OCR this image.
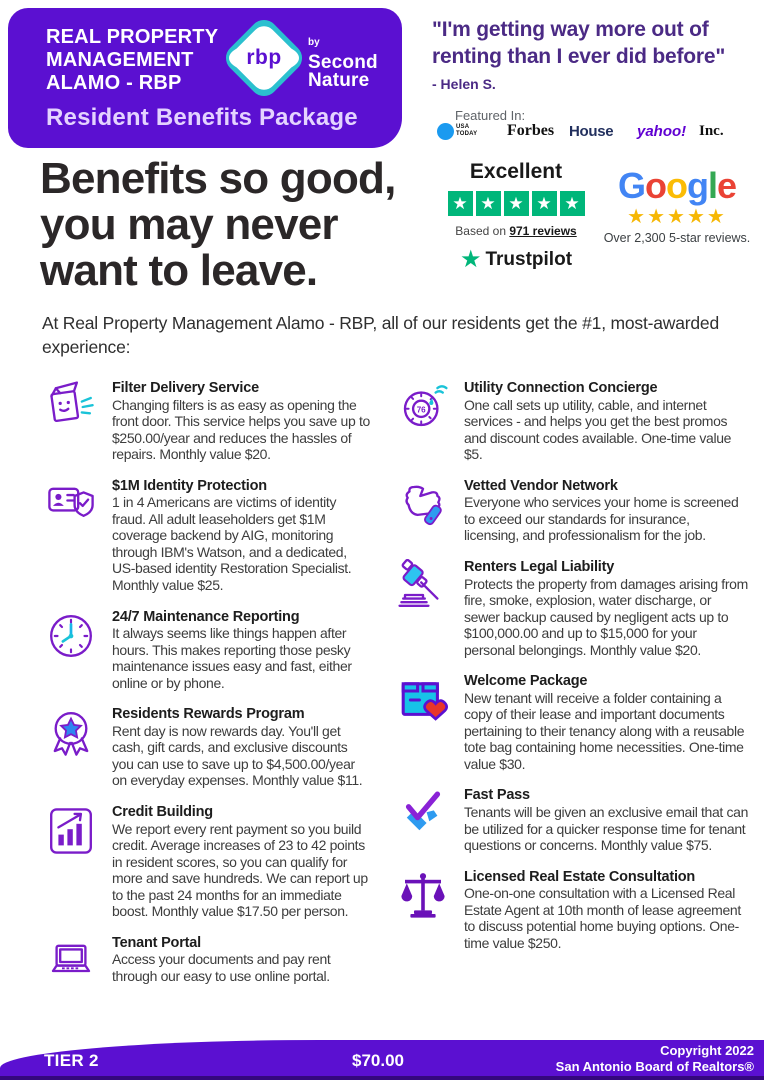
REAL PROPERTY MANAGEMENT ALAMO - RBP
rbp
$^{by}$
Second
Nature
Resident Benefits Package
"I'm getting way more out of renting than I ever did before"
- Helen S.
Featured In:
USA
TODAY Forbes House	yahoo! Inc.
Excellent
★ ★ ★ ★ ★
Based on 971 reviews
★ Trustpilot
Google
★★★★★
Over 2,300 5-star reviews.
Benefits so good, you may never want to leave.
At Real Property Management Alamo - RBP, all of our residents get the #1, most-awarded experience:
Filter Delivery Service
Changing filters is as easy as opening the front door. This service helps you save up to $250.00/year and reduces the hassles of repairs. Monthly value $20.
$1M Identity Protection
1 in 4 Americans are victims of identity fraud. All adult leaseholders get $1M coverage backend by AIG, monitoring through IBM's Watson, and a dedicated, US-based identity Restoration Specialist. Monthly value $25.
24/7 Maintenance Reporting
It always seems like things happen after hours. This makes reporting those pesky maintenance issues easy and fast, either online or by phone.
Residents Rewards Program
Rent day is now rewards day. You'll get cash, gift cards, and exclusive discounts you can use to save up to $4,500.00/year on everyday expenses. Monthly value $11.
Credit Building
We report every rent payment so you build credit. Average increases of 23 to 42 points in resident scores, so you can qualify for more and save hundreds. We can report up to the past 24 months for an immediate boost. Monthly value $17.50 per person.
Tenant Portal
Access your documents and pay rent through our easy to use online portal.
76
Utility Connection Concierge
One call sets up utility, cable, and internet services - and helps you get the best promos and discount codes available. One-time value $5.
Vetted Vendor Network
Everyone who services your home is screened to exceed our standards for insurance, licensing, and professionalism for the job.
Renters Legal Liability
Protects the property from damages arising from fire, smoke, explosion, water discharge, or sewer backup caused by negligent acts up to $100,000.00 and up to $15,000 for your personal belongings. Monthly value $20.
Welcome Package
New tenant will receive a folder containing a copy of their lease and important documents pertaining to their tenancy along with a reusable tote bag containing home necessities. One-time value $30.
Fast Pass
Tenants will be given an exclusive email that can be utilized for a quicker response time for tenant questions or concerns. Monthly value $75.
Licensed Real Estate Consultation
One-on-one consultation with a Licensed Real Estate Agent at 10th month of lease agreement to discuss potential home buying options. One-time value $250.
TIER 2	$70.00
Copyright 2022
San Antonio Board of Realtors®
